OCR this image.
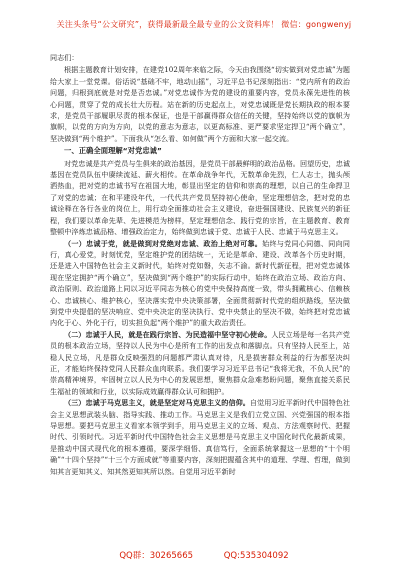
关注头条号“公文研究”，获得最新最全最专业的公文资料库！ 微信：gongwenyj

同志们：

根据主题教育计划安排，在建党102周年来临之际，今天由我围绕“切实做到对党忠诚”为题给大家上一堂党课。俗话说“基础不牢，地动山摇”，习近平总书记深刻指出：“党内所有的政治问题，归根到底就是对党是否忠诚。”对党忠诚作为党的建设的重要内容，党员永葆先进性的核心问题，贯穿了党的成长壮大历程。站在新的历史起点上，对党忠诚既是党长期执政的根本要求，是党员干部履职尽责的根本保证，也是干部赢得群众信任的关键，坚持始终以党的旗帜为旗帜，以党的方向为方向，以党的意志为意志，以更高标准、更严要求坚定捍卫“两个确立”，坚决做到“两个维护”。下面我从“怎么看、如何做”两个方面和大家一起交流。

一、正确全面理解“对党忠诚”

对党忠诚是共产党员与生俱来的政治基因，是党员干部最鲜明的政治品格。回望历史，忠诚基因在党员队伍中赓续流延、薪火相传。在革命战争年代，无数革命先烈，仁人志士，抛头颅洒热血，把对党的忠诚书写在祖国大地，彰显出坚定的信仰和崇高的理想，以自己的生命捍卫了对党的忠诚；在和平建设年代，一代代共产党员坚持初心使命，坚定理想信念，把对党的忠诚诠释在各行各业的岗位上，用行动全面推动社会主义建设，奋进强国建设、民族复兴的新征程，我们要以革命先辈、先进模范为榜样，坚定理想信念、践行党的宗旨，在主题教育、教育整顿中淬炼忠诚品格、增强政治定力，始终做到忠诚于党、忠诚于人民、忠诚于马克思主义。

（一）忠诚于党，就是做到对党绝对忠诚、政治上绝对可靠。始终与党同心同德、同向同行，真心爱党，时刻忧党，坚定维护党的团结统一，无论是革命、建设、改革各个历史时期，还是进入中国特色社会主义新时代，始终对党如磐，矢志不渝。新时代新征程，把对党忠诚体现在坚定拥护“两个确立”，坚决做到“两个维护”的实际行动中，始终在政治立场、政治方向、政治原则、政治道路上同以习近平同志为核心的党中央保持高度一致，带头拥戴核心、信赖核心、忠诚核心、维护核心，坚决落实党中央决策部署，全面贯彻新时代党的组织路线，坚决做到党中央提倡的坚决响应、党中央决定的坚决执行、党中央禁止的坚决不做，始终把对党忠诚内化于心、外化于行，切实担负起“两个维护”的重大政治责任。

（二）忠诚于人民，就是在践行宗旨、为民造福中坚守初心使命。人民立场是每一名共产党员的根本政治立场，坚持以人民为中心是所有工作的出发点和落脚点。只有坚持人民至上，站稳人民立场，凡是群众反映强烈的问题都严肃认真对待，凡是损害群众利益的行为都坚决纠正，才能始终保持党同人民群众血肉联系。我们要学习习近平总书记“我将无我，不负人民”的崇高精神境界，牢固树立以人民为中心的发展思想，聚焦群众急难愁盼问题，聚焦直接关系民生福祉的领域和行业，以实际成效赢得群众认可和拥护。

（三）忠诚于马克思主义，就是坚定对马克思主义的信仰。自觉用习近平新时代中国特色社会主义思想武装头脑、指导实践、推动工作。马克思主义是我们立党立国、兴党强国的根本指导思想。要把马克思主义看家本领学到手，用马克思主义的立场、观点、方法观察时代、把握时代、引领时代。习近平新时代中国特色社会主义思想是马克思主义中国化时代化最新成果，是推动中国式现代化的根本遵循，要深学细悟、真信笃行，全面系统掌握这一思想的“十个明确”“十四个坚持”“十三个方面成就”等重要内容，深刻把握蕴含其中的道理、学理、哲理，做到知其言更知其义、知其然更知其所以然。自觉用习近平新时

QQ群：30265665	QQ:535304092
